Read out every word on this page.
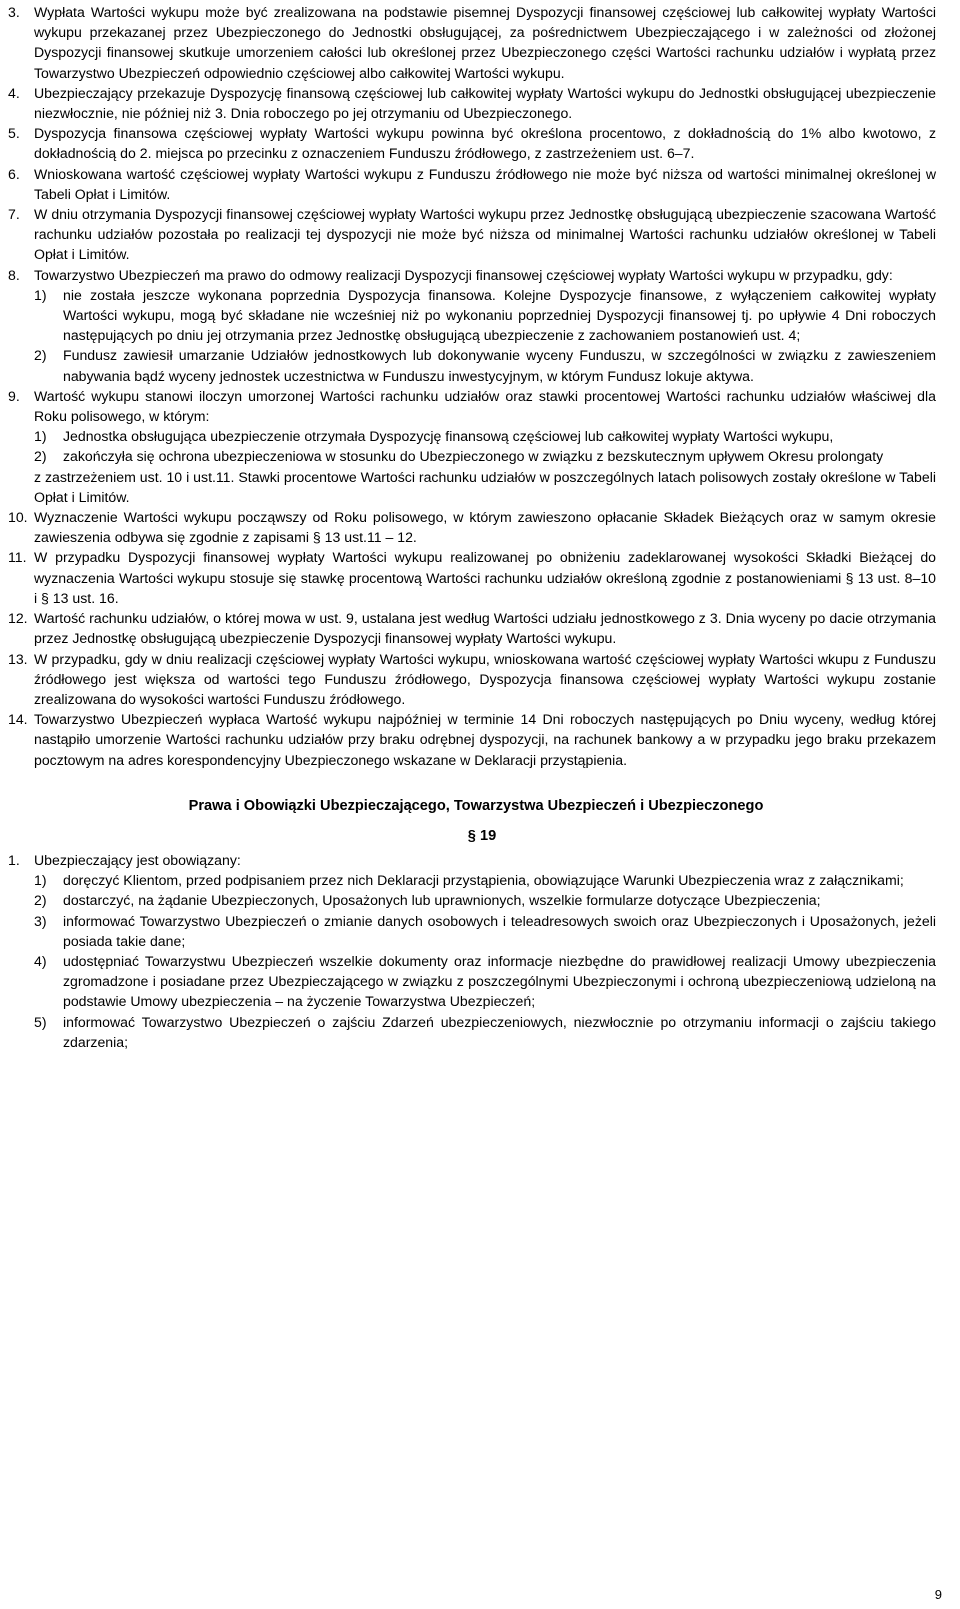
3.	Wypłata Wartości wykupu może być zrealizowana na podstawie pisemnej Dyspozycji finansowej częściowej lub całkowitej wypłaty Wartości wykupu przekazanej przez Ubezpieczonego do Jednostki obsługującej, za pośrednictwem Ubezpieczającego i w zależności od złożonej Dyspozycji finansowej skutkuje umorzeniem całości lub określonej przez Ubezpieczonego części Wartości rachunku udziałów i wypłatą przez Towarzystwo Ubezpieczeń odpowiednio częściowej albo całkowitej Wartości wykupu.
4.	Ubezpieczający przekazuje Dyspozycję finansową częściowej lub całkowitej wypłaty Wartości wykupu do Jednostki obsługującej ubezpieczenie niezwłocznie, nie później niż 3. Dnia roboczego po jej otrzymaniu od Ubezpieczonego.
5.	Dyspozycja finansowa częściowej wypłaty Wartości wykupu powinna być określona procentowo, z dokładnością do 1% albo kwotowo, z dokładnością do 2. miejsca po przecinku z oznaczeniem Funduszu źródłowego, z zastrzeżeniem ust. 6–7.
6.	Wnioskowana wartość częściowej wypłaty Wartości wykupu z Funduszu źródłowego nie może być niższa od wartości minimalnej określonej w Tabeli Opłat i Limitów.
7.	W dniu otrzymania Dyspozycji finansowej częściowej wypłaty Wartości wykupu przez Jednostkę obsługującą ubezpieczenie szacowana Wartość rachunku udziałów pozostała po realizacji tej dyspozycji nie może być niższa od minimalnej Wartości rachunku udziałów określonej w Tabeli Opłat i Limitów.
8.	Towarzystwo Ubezpieczeń ma prawo do odmowy realizacji Dyspozycji finansowej częściowej wypłaty Wartości wykupu w przypadku, gdy:
1)	nie została jeszcze wykonana poprzednia Dyspozycja finansowa. Kolejne Dyspozycje finansowe, z wyłączeniem całkowitej wypłaty Wartości wykupu, mogą być składane nie wcześniej niż po wykonaniu poprzedniej Dyspozycji finansowej tj. po upływie 4 Dni roboczych następujących po dniu jej otrzymania przez Jednostkę obsługującą ubezpieczenie z zachowaniem postanowień ust. 4;
2)	Fundusz zawiesił umarzanie Udziałów jednostkowych lub dokonywanie wyceny Funduszu, w szczególności w związku z zawieszeniem nabywania bądź wyceny jednostek uczestnictwa w Funduszu inwestycyjnym, w którym Fundusz lokuje aktywa.
9.	Wartość wykupu stanowi iloczyn umorzonej Wartości rachunku udziałów oraz stawki procentowej Wartości rachunku udziałów właściwej dla Roku polisowego, w którym:
1)	Jednostka obsługująca ubezpieczenie otrzymała Dyspozycję finansową częściowej lub całkowitej wypłaty Wartości wykupu,
2)	zakończyła się ochrona ubezpieczeniowa w stosunku do Ubezpieczonego w związku z bezskutecznym upływem Okresu prolongaty
z zastrzeżeniem ust. 10 i ust.11. Stawki procentowe Wartości rachunku udziałów w poszczególnych latach polisowych zostały określone w Tabeli Opłat i Limitów.
10. Wyznaczenie Wartości wykupu począwszy od Roku polisowego, w którym zawieszono opłacanie Składek Bieżących oraz w samym okresie zawieszenia odbywa się zgodnie z zapisami § 13 ust.11 – 12.
11. W przypadku Dyspozycji finansowej wypłaty Wartości wykupu realizowanej po obniżeniu zadeklarowanej wysokości Składki Bieżącej do wyznaczenia Wartości wykupu stosuje się stawkę procentową Wartości rachunku udziałów określoną zgodnie z postanowieniami § 13 ust. 8–10 i § 13 ust. 16.
12. Wartość rachunku udziałów, o której mowa w ust. 9, ustalana jest według Wartości udziału jednostkowego z 3. Dnia wyceny po dacie otrzymania przez Jednostkę obsługującą ubezpieczenie Dyspozycji finansowej wypłaty Wartości wykupu.
13. W przypadku, gdy w dniu realizacji częściowej wypłaty Wartości wykupu, wnioskowana wartość częściowej wypłaty Wartości wkupu z Funduszu źródłowego jest większa od wartości tego Funduszu źródłowego, Dyspozycja finansowa częściowej wypłaty Wartości wykupu zostanie zrealizowana do wysokości wartości Funduszu źródłowego.
14. Towarzystwo Ubezpieczeń wypłaca Wartość wykupu najpóźniej w terminie 14 Dni roboczych następujących po Dniu wyceny, według której nastąpiło umorzenie Wartości rachunku udziałów przy braku odrębnej dyspozycji, na rachunek bankowy a w przypadku jego braku przekazem pocztowym na adres korespondencyjny Ubezpieczonego wskazane w Deklaracji przystąpienia.
Prawa i Obowiązki Ubezpieczającego, Towarzystwa Ubezpieczeń i Ubezpieczonego
§ 19
1.	Ubezpieczający jest obowiązany:
1)	doręczyć Klientom, przed podpisaniem przez nich Deklaracji przystąpienia, obowiązujące Warunki Ubezpieczenia wraz z załącznikami;
2)	dostarczyć, na żądanie Ubezpieczonych, Uposażonych lub uprawnionych, wszelkie formularze dotyczące Ubezpieczenia;
3)	informować Towarzystwo Ubezpieczeń o zmianie danych osobowych i teleadresowych swoich oraz Ubezpieczonych i Uposażonych, jeżeli posiada takie dane;
4)	udostępniać Towarzystwu Ubezpieczeń wszelkie dokumenty oraz informacje niezbędne do prawidłowej realizacji Umowy ubezpieczenia zgromadzone i posiadane przez Ubezpieczającego w związku z poszczególnymi Ubezpieczonymi i ochroną ubezpieczeniową udzieloną na podstawie Umowy ubezpieczenia – na życzenie Towarzystwa Ubezpieczeń;
5)	informować Towarzystwo Ubezpieczeń o zajściu Zdarzeń ubezpieczeniowych, niezwłocznie po otrzymaniu informacji o zajściu takiego zdarzenia;
9
